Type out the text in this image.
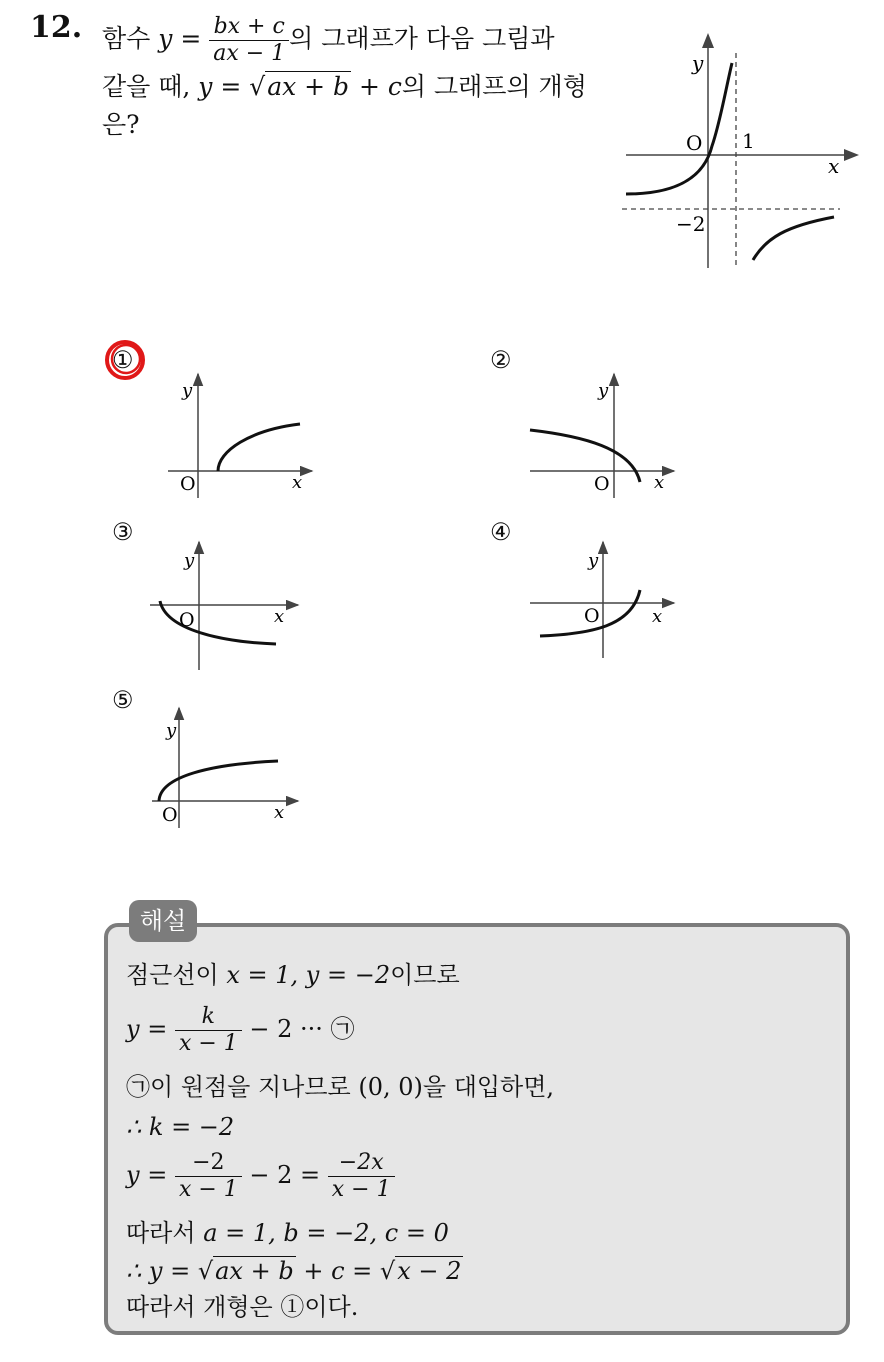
12. 함수 $y = \frac{bx + c}{ax - 1}$ 의 그래프가 다음 그림과
같을 때, y = √ax + b + c의 그래프의 개형
은?
y
x
O 1
−2
①
y
x
O
②
y
x
O
③
y
x
O
④
y
x
O
⑤
y
x
O
해설
점근선이 x = 1, y = −2이므로
$y = \frac{k}{x - 1} - 2$ ··· ㉠
㉠이 원점을 지나므로 (0, 0)을 대입하면,
∴ k = −2
$y = \frac{-2}{x - 1} - 2 = \frac{-2x}{x - 1}$
따라서 a = 1, b = −2, c = 0
∴ y = √ax + b + c = √x − 2
따라서 개형은 ①이다.
